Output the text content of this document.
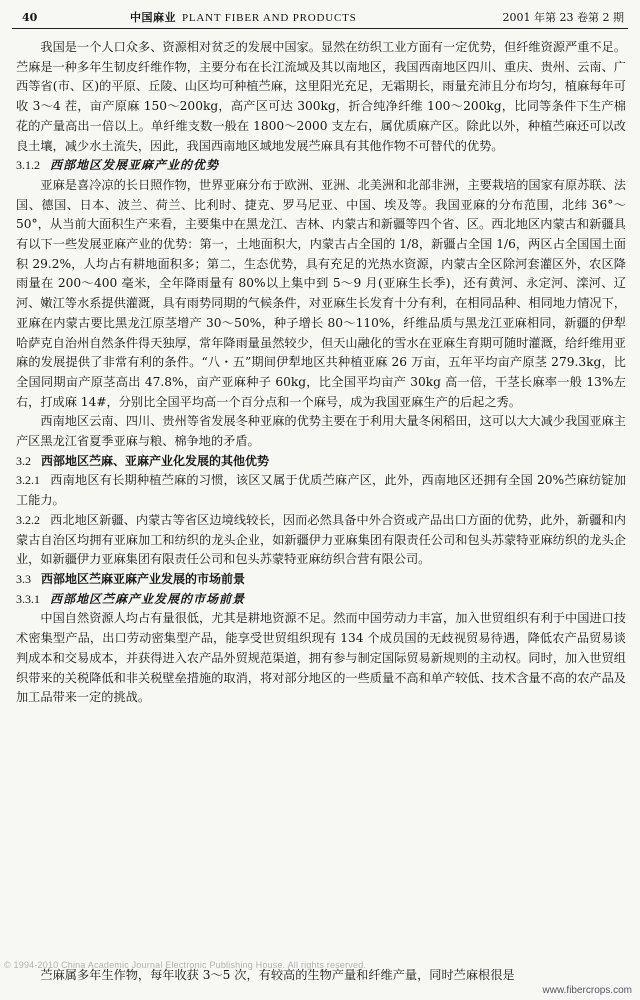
40	中国麻业 PLANT FIBER AND PRODUCTS	2001 年第 23 卷第 2 期

我国是一个人口众多、资源相对贫乏的发展中国家。显然在纺织工业方面有一定优势，但纤维资源严重不足。苎麻是一种多年生韧皮纤维作物，主要分布在长江流域及其以南地区，我国西南地区四川、重庆、贵州、云南、广西等省(市、区)的平原、丘陵、山区均可种植苎麻，这里阳光充足，无霜期长，雨量充沛且分布均匀，植麻每年可收 3～4 茬，亩产原麻 150～200kg，高产区可达 300kg，折合纯净纤维 100～200kg，比同等条件下生产棉花的产量高出一倍以上。单纤维支数一般在 1800～2000 支左右，属优质麻产区。除此以外，种植苎麻还可以改良土壤，减少水土流失，因此，我国西南地区域地发展苎麻具有其他作物不可替代的优势。

3.1.2 西部地区发展亚麻产业的优势

亚麻是喜冷凉的长日照作物，世界亚麻分布于欧洲、亚洲、北美洲和北部非洲，主要栽培的国家有原苏联、法国、德国、日本、波兰、荷兰、比利时、捷克、罗马尼亚、中国、埃及等。我国亚麻的分布范围，北纬 36°～50°，从当前大面积生产来看，主要集中在黑龙江、吉林、内蒙古和新疆等四个省、区。西北地区内蒙古和新疆具有以下一些发展亚麻产业的优势：第一，土地面积大，内蒙古占全国的 1/8，新疆占全国 1/6，两区占全国国土面积 29.2%，人均占有耕地面积多；第二，生态优势，具有充足的光热水资源，内蒙古全区除河套灌区外，农区降雨量在 200～400 毫米，全年降雨量有 80%以上集中到 5～9 月(亚麻生长季)，还有黄河、永定河、滦河、辽河、嫩江等水系提供灌溉，具有雨势同期的气候条件，对亚麻生长发育十分有利，在相同品种、相同地力情况下，亚麻在内蒙古要比黑龙江原茎增产 30～50%，种子增长 80～110%，纤维品质与黑龙江亚麻相同，新疆的伊犁哈萨克自治州自然条件得天独厚，常年降雨量虽然较少，但天山融化的雪水在亚麻生育期可随时灌溉，给纤维用亚麻的发展提供了非常有利的条件。“八・五”期间伊犁地区共种植亚麻 26 万亩，五年平均亩产原茎 279.3kg，比全国同期亩产原茎高出 47.8%，亩产亚麻种子 60kg，比全国平均亩产 30kg 高一倍，干茎长麻率一般 13%左右，打成麻 14#，分别比全国平均高一个百分点和一个麻号，成为我国亚麻生产的后起之秀。

西南地区云南、四川、贵州等省发展冬种亚麻的优势主要在于利用大量冬闲稻田，这可以大大减少我国亚麻主产区黑龙江省夏季亚麻与粮、棉争地的矛盾。

3.2 西部地区苎麻、亚麻产业化发展的其他优势

3.2.1 西南地区有长期种植苎麻的习惯，该区又属于优质苎麻产区，此外，西南地区还拥有全国 20%苎麻纺锭加工能力。

3.2.2 西北地区新疆、内蒙古等省区边境线较长，因而必然具备中外合资或产品出口方面的优势，此外，新疆和内蒙古自治区均拥有亚麻加工和纺织的龙头企业，如新疆伊力亚麻集团有限责任公司和包头苏蒙特亚麻纺织的龙头企业，如新疆伊力亚麻集团有限责任公司和包头苏蒙特亚麻纺织合营有限公司。

3.3 西部地区苎麻亚麻产业发展的市场前景
3.3.1 西部地区苎麻产业发展的市场前景

中国自然资源人均占有量很低，尤其是耕地资源不足。然而中国劳动力丰富，加入世贸组织有利于中国进口技术密集型产品，出口劳动密集型产品，能享受世贸组织现有 134 个成员国的无歧视贸易待遇，降低农产品贸易谈判成本和交易成本，并获得进入农产品外贸规范渠道，拥有参与制定国际贸易新规则的主动权。同时，加入世贸组织带来的关税降低和非关税壁垒措施的取消，将对部分地区的一些质量不高和单产较低、技术含量不高的农产品及加工品带来一定的挑战。

苎麻属多年生作物，每年收获 3～5 次，有较高的生物产量和纤维产量，同时苎麻根很是
© 1994-2010 China Academic Journal Electronic Publishing House. All rights reserved.
www.fibercrops.com
